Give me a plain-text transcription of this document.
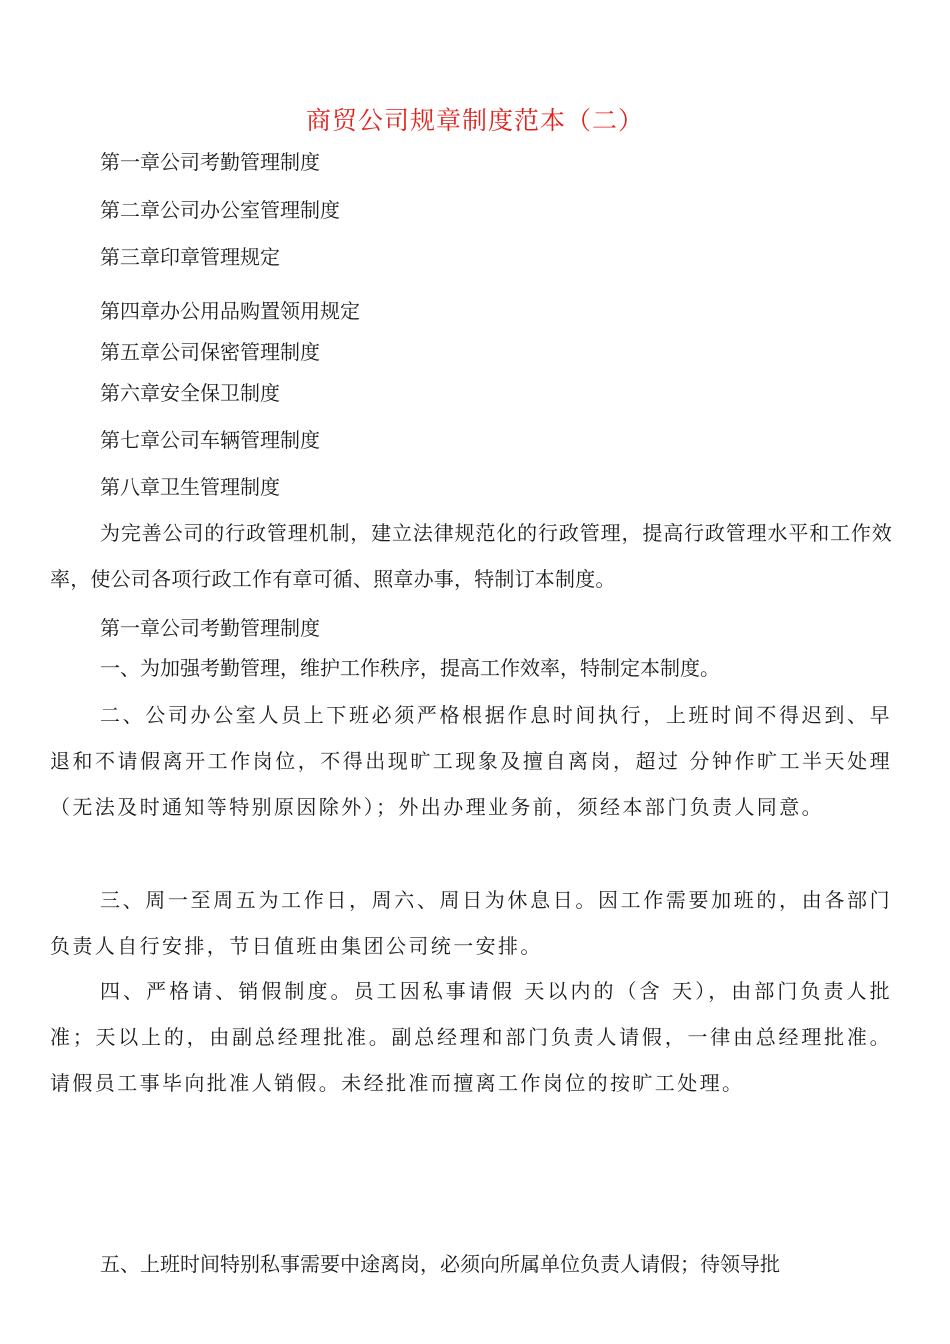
商贸公司规章制度范本（二）
第一章公司考勤管理制度
第二章公司办公室管理制度
第三章印章管理规定
第四章办公用品购置领用规定
第五章公司保密管理制度
第六章安全保卫制度
第七章公司车辆管理制度
第八章卫生管理制度
为完善公司的行政管理机制，建立法律规范化的行政管理，提高行政管理水平和工作效率，使公司各项行政工作有章可循、照章办事，特制订本制度。
第一章公司考勤管理制度
一、为加强考勤管理，维护工作秩序，提高工作效率，特制定本制度。
二、公司办公室人员上下班必须严格根据作息时间执行，上班时间不得迟到、早退和不请假离开工作岗位，不得出现旷工现象及擅自离岗，超过 分钟作旷工半天处理（无法及时通知等特别原因除外）；外出办理业务前，须经本部门负责人同意。
三、周一至周五为工作日，周六、周日为休息日。因工作需要加班的，由各部门负责人自行安排，节日值班由集团公司统一安排。
四、严格请、销假制度。员工因私事请假 天以内的（含 天），由部门负责人批准；天以上的，由副总经理批准。副总经理和部门负责人请假，一律由总经理批准。请假员工事毕向批准人销假。未经批准而擅离工作岗位的按旷工处理。
五、上班时间特别私事需要中途离岗，必须向所属单位负责人请假；待领导批
